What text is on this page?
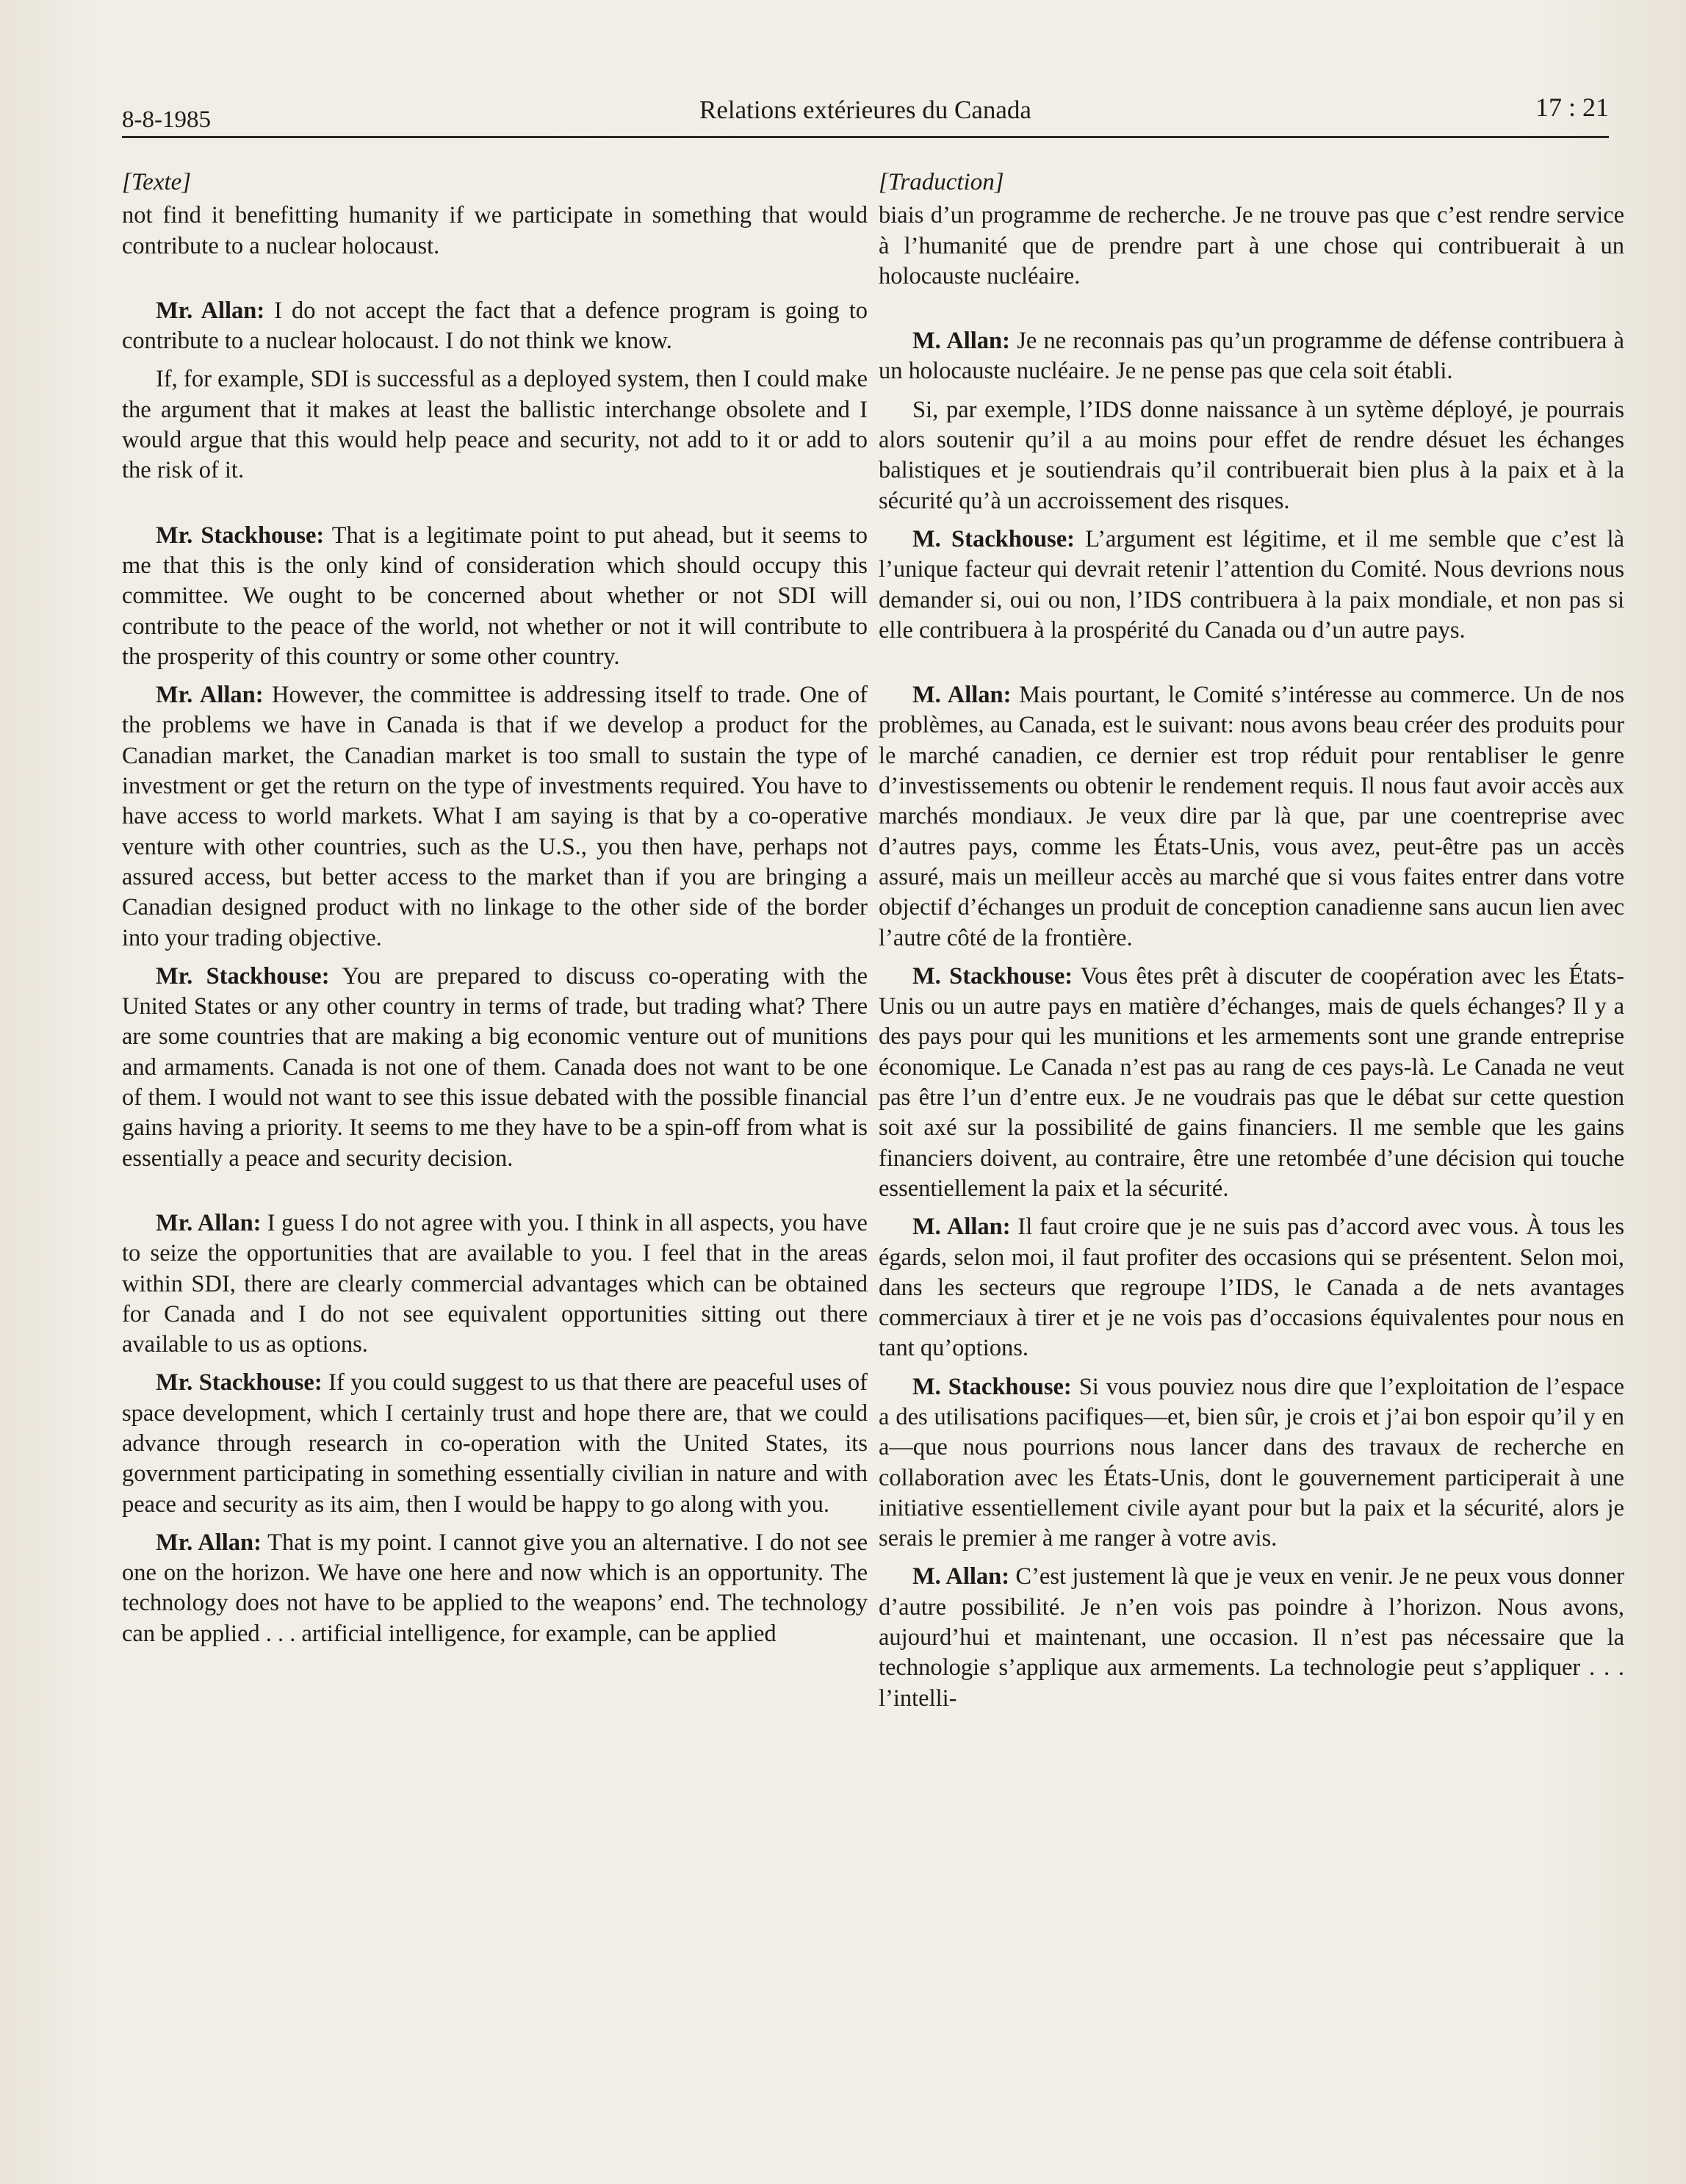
8-8-1985	Relations extérieures du Canada	17 : 21
[Texte]

not find it benefitting humanity if we participate in something that would contribute to a nuclear holocaust.

Mr. Allan: I do not accept the fact that a defence program is going to contribute to a nuclear holocaust. I do not think we know.

If, for example, SDI is successful as a deployed system, then I could make the argument that it makes at least the ballistic interchange obsolete and I would argue that this would help peace and security, not add to it or add to the risk of it.

Mr. Stackhouse: That is a legitimate point to put ahead, but it seems to me that this is the only kind of consideration which should occupy this committee. We ought to be concerned about whether or not SDI will contribute to the peace of the world, not whether or not it will contribute to the prosperity of this country or some other country.

Mr. Allan: However, the committee is addressing itself to trade. One of the problems we have in Canada is that if we develop a product for the Canadian market, the Canadian market is too small to sustain the type of investment or get the return on the type of investments required. You have to have access to world markets. What I am saying is that by a co-operative venture with other countries, such as the U.S., you then have, perhaps not assured access, but better access to the market than if you are bringing a Canadian designed product with no linkage to the other side of the border into your trading objective.

Mr. Stackhouse: You are prepared to discuss co-operating with the United States or any other country in terms of trade, but trading what? There are some countries that are making a big economic venture out of munitions and armaments. Canada is not one of them. Canada does not want to be one of them. I would not want to see this issue debated with the possible financial gains having a priority. It seems to me they have to be a spin-off from what is essentially a peace and security decision.

Mr. Allan: I guess I do not agree with you. I think in all aspects, you have to seize the opportunities that are available to you. I feel that in the areas within SDI, there are clearly commercial advantages which can be obtained for Canada and I do not see equivalent opportunities sitting out there available to us as options.

Mr. Stackhouse: If you could suggest to us that there are peaceful uses of space development, which I certainly trust and hope there are, that we could advance through research in co-operation with the United States, its government participating in something essentially civilian in nature and with peace and security as its aim, then I would be happy to go along with you.

Mr. Allan: That is my point. I cannot give you an alternative. I do not see one on the horizon. We have one here and now which is an opportunity. The technology does not have to be applied to the weapons’ end. The technology can be applied . . . artificial intelligence, for example, can be applied

[Traduction]

biais d’un programme de recherche. Je ne trouve pas que c’est rendre service à l’humanité que de prendre part à une chose qui contribuerait à un holocauste nucléaire.

M. Allan: Je ne reconnais pas qu’un programme de défense contribuera à un holocauste nucléaire. Je ne pense pas que cela soit établi.

Si, par exemple, l’IDS donne naissance à un sytème déployé, je pourrais alors soutenir qu’il a au moins pour effet de rendre désuet les échanges balistiques et je soutiendrais qu’il contribuerait bien plus à la paix et à la sécurité qu’à un accroissement des risques.

M. Stackhouse: L’argument est légitime, et il me semble que c’est là l’unique facteur qui devrait retenir l’attention du Comité. Nous devrions nous demander si, oui ou non, l’IDS contribuera à la paix mondiale, et non pas si elle contribuera à la prospérité du Canada ou d’un autre pays.

M. Allan: Mais pourtant, le Comité s’intéresse au commerce. Un de nos problèmes, au Canada, est le suivant: nous avons beau créer des produits pour le marché canadien, ce dernier est trop réduit pour rentabliser le genre d’investissements ou obtenir le rendement requis. Il nous faut avoir accès aux marchés mondiaux. Je veux dire par là que, par une coentreprise avec d’autres pays, comme les États-Unis, vous avez, peut-être pas un accès assuré, mais un meilleur accès au marché que si vous faites entrer dans votre objectif d’échanges un produit de conception canadienne sans aucun lien avec l’autre côté de la frontière.

M. Stackhouse: Vous êtes prêt à discuter de coopération avec les États-Unis ou un autre pays en matière d’échanges, mais de quels échanges? Il y a des pays pour qui les munitions et les armements sont une grande entreprise économique. Le Canada n’est pas au rang de ces pays-là. Le Canada ne veut pas être l’un d’entre eux. Je ne voudrais pas que le débat sur cette question soit axé sur la possibilité de gains financiers. Il me semble que les gains financiers doivent, au contraire, être une retombée d’une décision qui touche essentiellement la paix et la sécurité.

M. Allan: Il faut croire que je ne suis pas d’accord avec vous. À tous les égards, selon moi, il faut profiter des occasions qui se présentent. Selon moi, dans les secteurs que regroupe l’IDS, le Canada a de nets avantages commerciaux à tirer et je ne vois pas d’occasions équivalentes pour nous en tant qu’options.

M. Stackhouse: Si vous pouviez nous dire que l’exploitation de l’espace a des utilisations pacifiques—et, bien sûr, je crois et j’ai bon espoir qu’il y en a—que nous pourrions nous lancer dans des travaux de recherche en collaboration avec les États-Unis, dont le gouvernement participerait à une initiative essentiellement civile ayant pour but la paix et la sécurité, alors je serais le premier à me ranger à votre avis.

M. Allan: C’est justement là que je veux en venir. Je ne peux vous donner d’autre possibilité. Je n’en vois pas poindre à l’horizon. Nous avons, aujourd’hui et maintenant, une occasion. Il n’est pas nécessaire que la technologie s’applique aux armements. La technologie peut s’appliquer . . . l’intelli-
